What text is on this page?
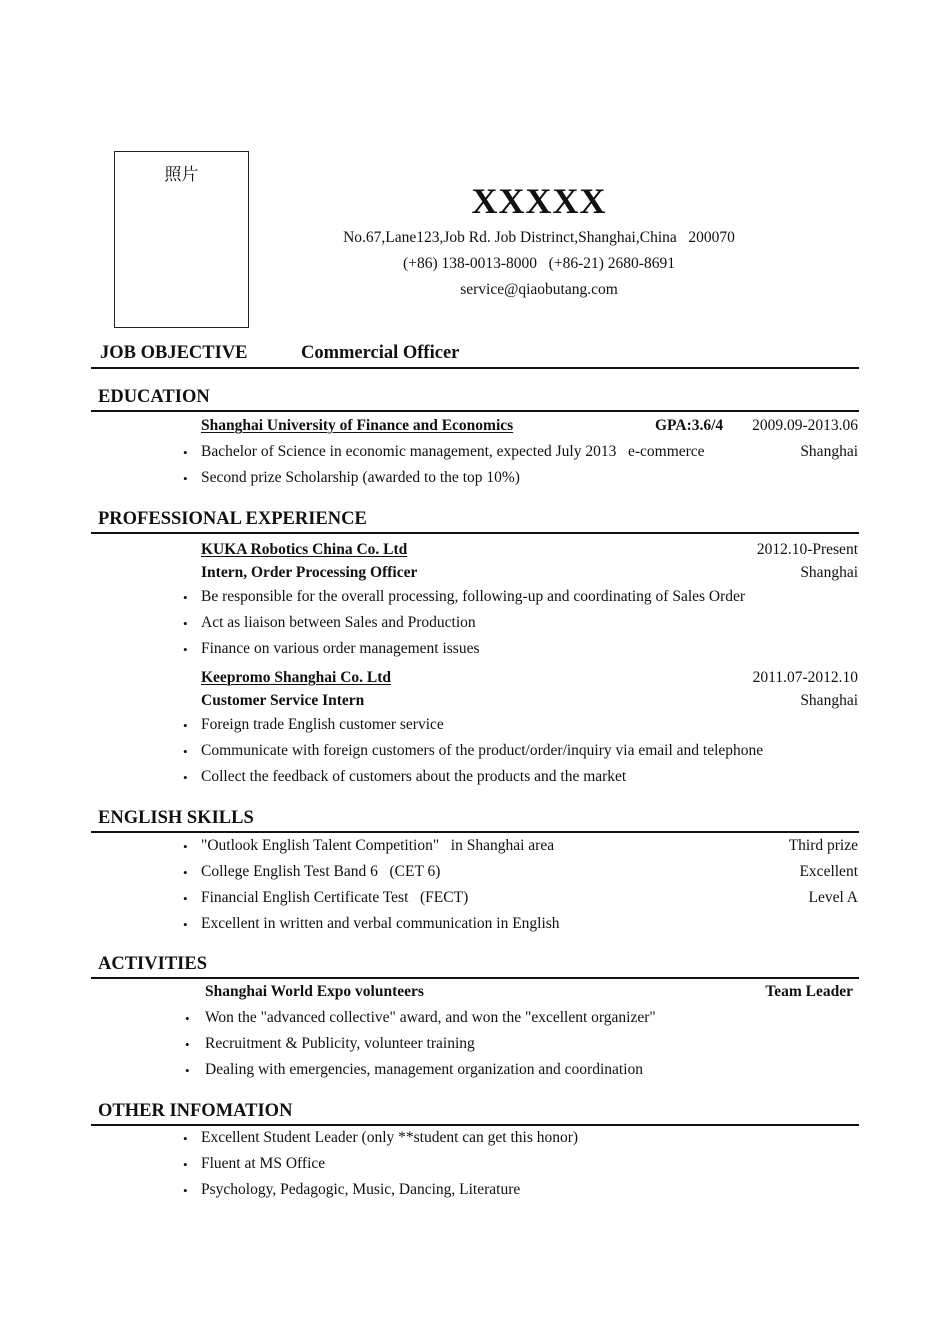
照片
XXXXX
No.67,Lane123,Job Rd. Job Distrinct,Shanghai,China   200070
(+86) 138-0013-8000   (+86-21) 2680-8691
service@qiaobutang.com
JOB OBJECTIVE	Commercial Officer
EDUCATION
Shanghai University of Finance and Economics	GPA:3.6/4 2009.09-2013.06
• Bachelor of Science in economic management, expected July 2013   e-commerce	Shanghai
• Second prize Scholarship (awarded to the top 10%)
PROFESSIONAL EXPERIENCE
KUKA Robotics China Co. Ltd	2012.10-Present
Intern, Order Processing Officer	Shanghai
• Be responsible for the overall processing, following-up and coordinating of Sales Order
• Act as liaison between Sales and Production
• Finance on various order management issues
Keepromo Shanghai Co. Ltd	2011.07-2012.10
Customer Service Intern	Shanghai
• Foreign trade English customer service
• Communicate with foreign customers of the product/order/inquiry via email and telephone
• Collect the feedback of customers about the products and the market
ENGLISH SKILLS
• "Outlook English Talent Competition"   in Shanghai area	Third prize
• College English Test Band 6   (CET 6)	Excellent
• Financial English Certificate Test   (FECT)	Level A
• Excellent in written and verbal communication in English
ACTIVITIES
Shanghai World Expo volunteers	Team Leader
• Won the "advanced collective" award, and won the "excellent organizer"
• Recruitment & Publicity, volunteer training
• Dealing with emergencies, management organization and coordination
OTHER INFOMATION
• Excellent Student Leader (only **student can get this honor)
• Fluent at MS Office
• Psychology, Pedagogic, Music, Dancing, Literature
